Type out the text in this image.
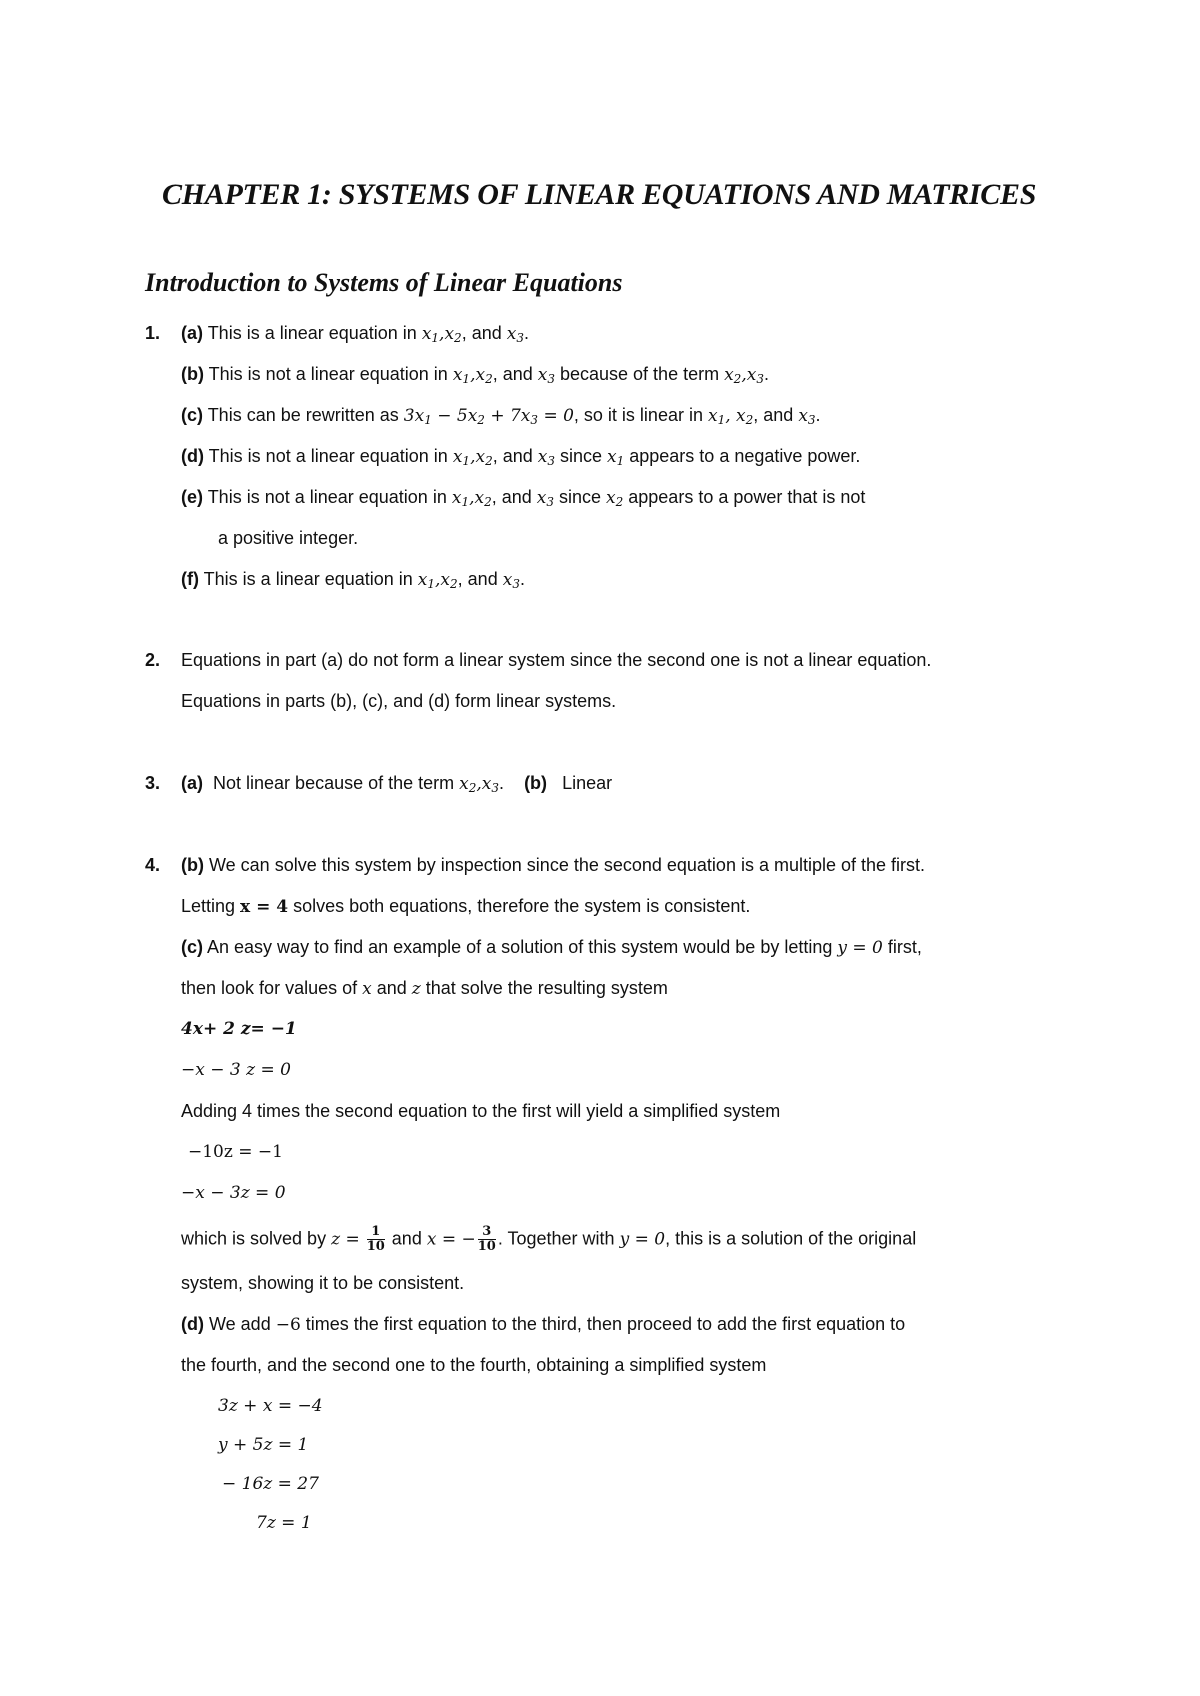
CHAPTER 1: SYSTEMS OF LINEAR EQUATIONS AND MATRICES
Introduction to Systems of Linear Equations
1. (a) This is a linear equation in $x_1,x_2$, and $x_3$.
(b) This is not a linear equation in $x_1,x_2$, and $x_3$ because of the term $x_2,x_3$.
(c) This can be rewritten as $3x_1 - 5x_2 + 7x_3 = 0$, so it is linear in $x_1$, $x_2$, and $x_3$.
(d) This is not a linear equation in $x_1,x_2$, and $x_3$ since $x_1$ appears to a negative power.
(e) This is not a linear equation in $x_1,x_2$, and $x_3$ since $x_2$ appears to a power that is not
a positive integer.
(f) This is a linear equation in $x_1,x_2$, and $x_3$.
2. Equations in part (a) do not form a linear system since the second one is not a linear equation.
Equations in parts (b), (c), and (d) form linear systems.
3. (a) Not linear because of the term $x_2,x_3$. (b) Linear
4. (b) We can solve this system by inspection since the second equation is a multiple of the first.
Letting x = 4 solves both equations, therefore the system is consistent.
(c) An easy way to find an example of a solution of this system would be by letting y = 0 first,
then look for values of x and z that solve the resulting system
4x+ 2 z= −1
−x − 3 z = 0
Adding 4 times the second equation to the first will yield a simplified system
−10z = −1
−x − 3z = 0
which is solved by $z = \frac{1}{10}$ and x = − $\frac{3}{10}$ . Together with y = 0, this is a solution of the original
system, showing it to be consistent.
(d) We add −6 times the first equation to the third, then proceed to add the first equation to
the fourth, and the second one to the fourth, obtaining a simplified system
3z + x = −4
y + 5z = 1
− 16z = 27
7z = 1
